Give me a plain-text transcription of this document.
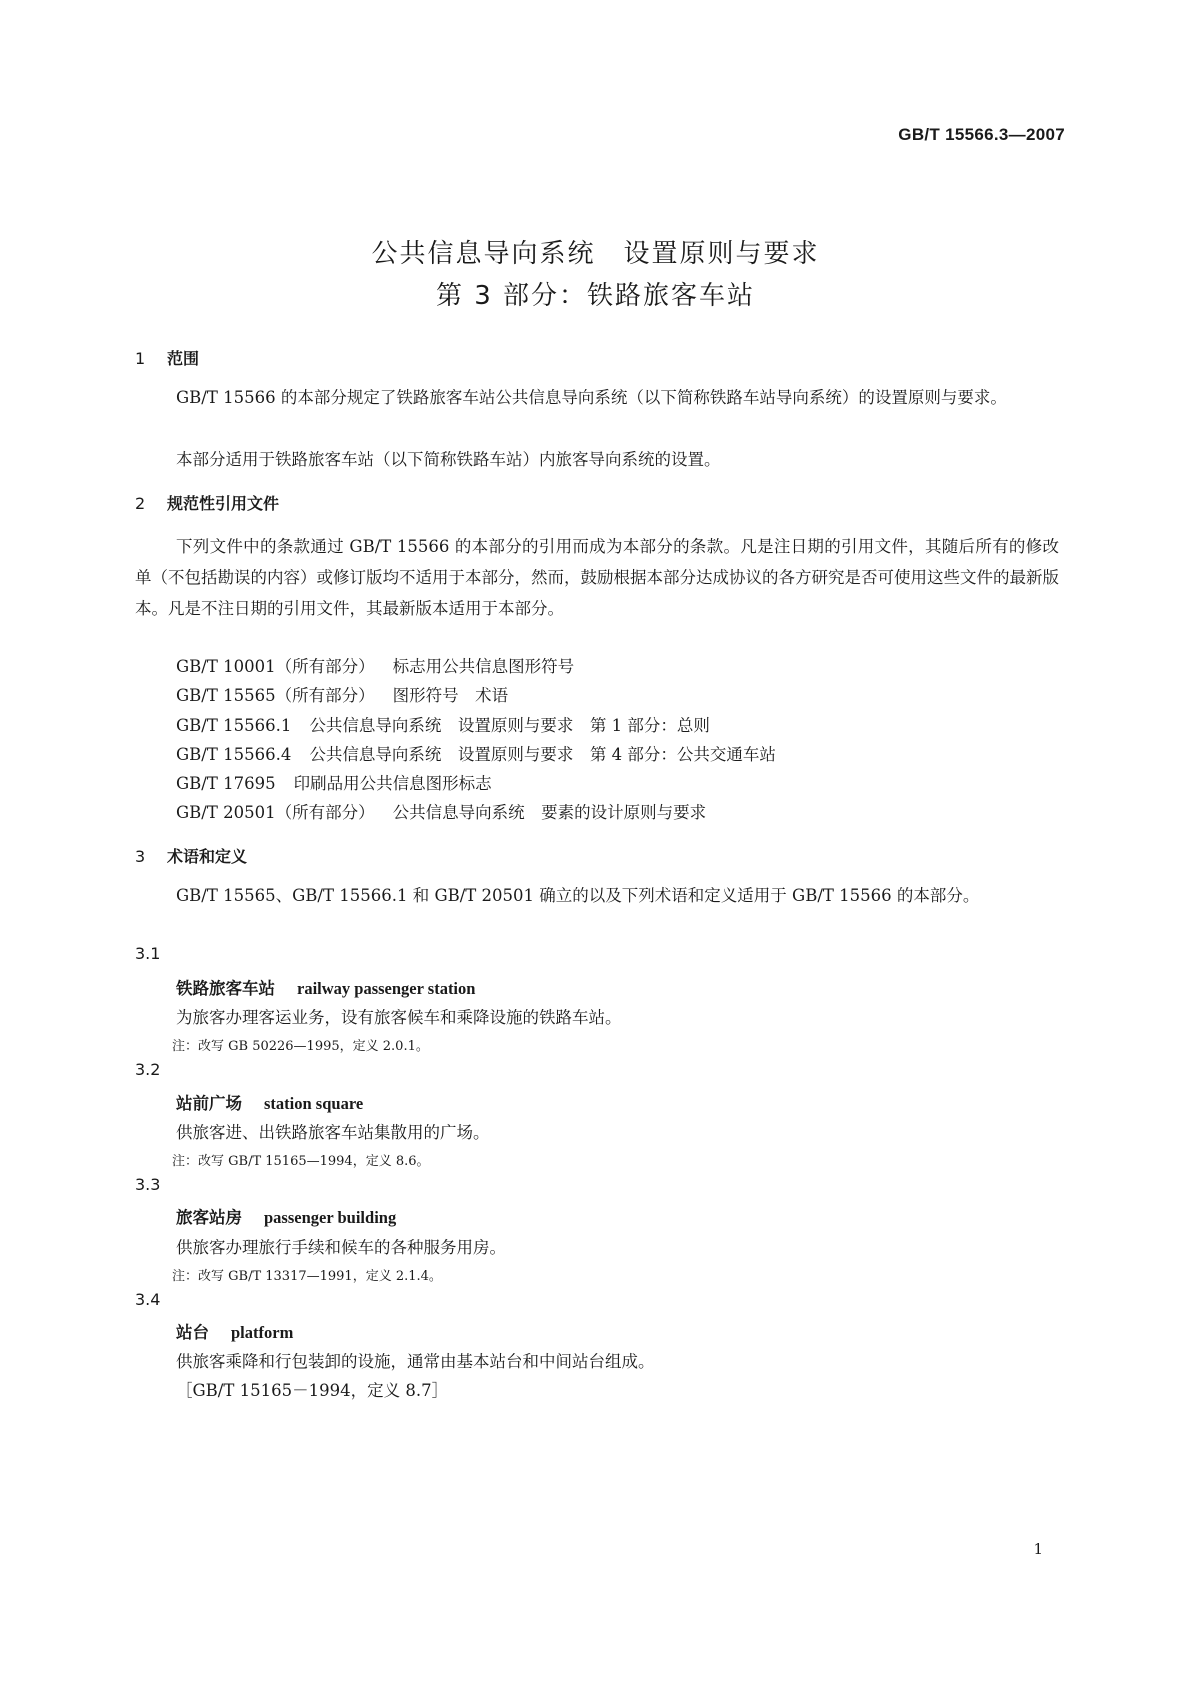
GB/T 15566.3—2007
公共信息导向系统　设置原则与要求
第 3 部分：铁路旅客车站
1 范围

GB/T 15566 的本部分规定了铁路旅客车站公共信息导向系统（以下简称铁路车站导向系统）的设置原则与要求。

本部分适用于铁路旅客车站（以下简称铁路车站）内旅客导向系统的设置。

2 规范性引用文件

下列文件中的条款通过 GB/T 15566 的本部分的引用而成为本部分的条款。凡是注日期的引用文件，其随后所有的修改单（不包括勘误的内容）或修订版均不适用于本部分，然而，鼓励根据本部分达成协议的各方研究是否可使用这些文件的最新版本。凡是不注日期的引用文件，其最新版本适用于本部分。

GB/T 10001（所有部分） 标志用公共信息图形符号
GB/T 15565（所有部分） 图形符号　术语
GB/T 15566.1 公共信息导向系统　设置原则与要求　第 1 部分：总则
GB/T 15566.4 公共信息导向系统　设置原则与要求　第 4 部分：公共交通车站
GB/T 17695 印刷品用公共信息图形标志
GB/T 20501（所有部分） 公共信息导向系统　要素的设计原则与要求
3 术语和定义

GB/T 15565、GB/T 15566.1 和 GB/T 20501 确立的以及下列术语和定义适用于 GB/T 15566 的本部分。

3.1
铁路旅客车站 railway passenger station
为旅客办理客运业务，设有旅客候车和乘降设施的铁路车站。
注：改写 GB 50226—1995，定义 2.0.1。
3.2
站前广场 station square
供旅客进、出铁路旅客车站集散用的广场。
注：改写 GB/T 15165—1994，定义 8.6。
3.3
旅客站房 passenger building
供旅客办理旅行手续和候车的各种服务用房。
注：改写 GB/T 13317—1991，定义 2.1.4。
3.4
站台 platform
供旅客乘降和行包装卸的设施，通常由基本站台和中间站台组成。
［GB/T 15165－1994，定义 8.7］
1
